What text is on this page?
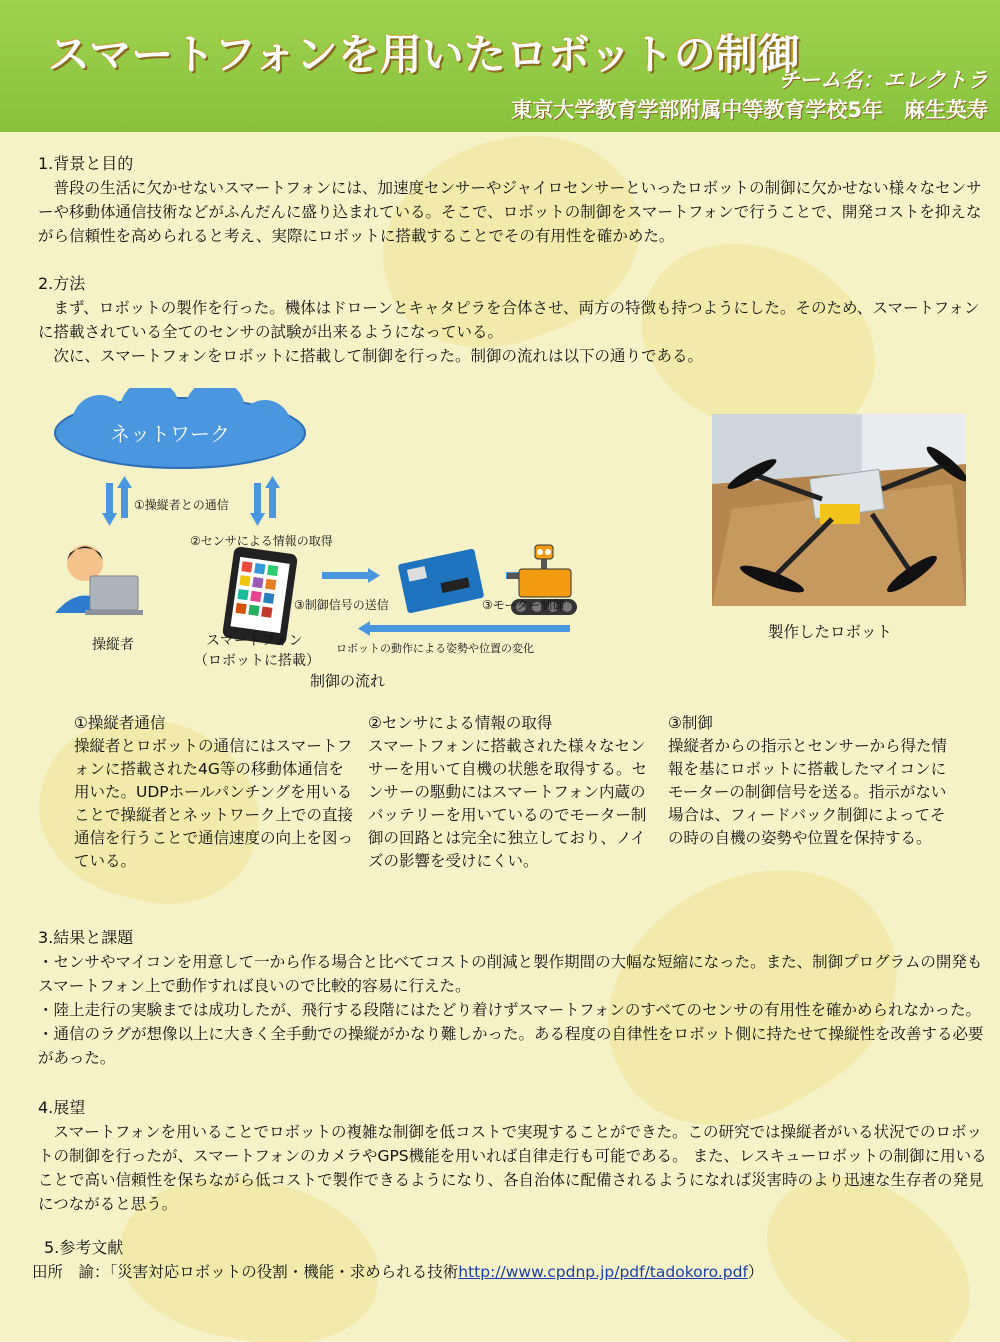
スマートフォンを用いたロボットの制御
チーム名：エレクトラ
東京大学教育学部附属中等教育学校5年　麻生英寿
1.背景と目的

普段の生活に欠かせないスマートフォンには、加速度センサーやジャイロセンサーといったロボットの制御に欠かせない様々なセンサーや移動体通信技術などがふんだんに盛り込まれている。そこで、ロボットの制御をスマートフォンで行うことで、開発コストを抑えながら信頼性を高められると考え、実際にロボットに搭載することでその有用性を確かめた。

2.方法

まず、ロボットの製作を行った。機体はドローンとキャタピラを合体させ、両方の特徴も持つようにした。そのため、スマートフォンに搭載されている全てのセンサの試験が出来るようになっている。

次に、スマートフォンをロボットに搭載して制御を行った。制御の流れは以下の通りである。

ネットワーク
①操縦者との通信
②センサによる情報の取得
③制御信号の送信	③モーター制御
ロボットの動作による姿勢や位置の変化
操縦者	スマートフォン
（ロボットに搭載）
制御の流れ
製作したロボット
①操縦者通信
操縦者とロボットの通信にはスマートフォンに搭載された4G等の移動体通信を用いた。UDPホールパンチングを用いることで操縦者とネットワーク上での直接通信を行うことで通信速度の向上を図っている。
②センサによる情報の取得
スマートフォンに搭載された様々なセンサーを用いて自機の状態を取得する。センサーの駆動にはスマートフォン内蔵のバッテリーを用いているのでモーター制御の回路とは完全に独立しており、ノイズの影響を受けにくい。
③制御
操縦者からの指示とセンサーから得た情報を基にロボットに搭載したマイコンにモーターの制御信号を送る。指示がない場合は、フィードバック制御によってその時の自機の姿勢や位置を保持する。
3.結果と課題

・センサやマイコンを用意して一から作る場合と比べてコストの削減と製作期間の大幅な短縮になった。また、制御プログラムの開発もスマートフォン上で動作すれば良いので比較的容易に行えた。

・陸上走行の実験までは成功したが、飛行する段階にはたどり着けずスマートフォンのすべてのセンサの有用性を確かめられなかった。

・通信のラグが想像以上に大きく全手動での操縦がかなり難しかった。ある程度の自律性をロボット側に持たせて操縦性を改善する必要があった。

4.展望

スマートフォンを用いることでロボットの複雑な制御を低コストで実現することができた。この研究では操縦者がいる状況でのロボットの制御を行ったが、スマートフォンのカメラやGPS機能を用いれば自律走行も可能である。 また、レスキューロボットの制御に用いることで高い信頼性を保ちながら低コストで製作できるようになり、各自治体に配備されるようになれば災害時のより迅速な生存者の発見につながると思う。

5.参考文献

田所　諭：「災害対応ロボットの役割・機能・求められる技術http://www.cpdnp.jp/pdf/tadokoro.pdf）
